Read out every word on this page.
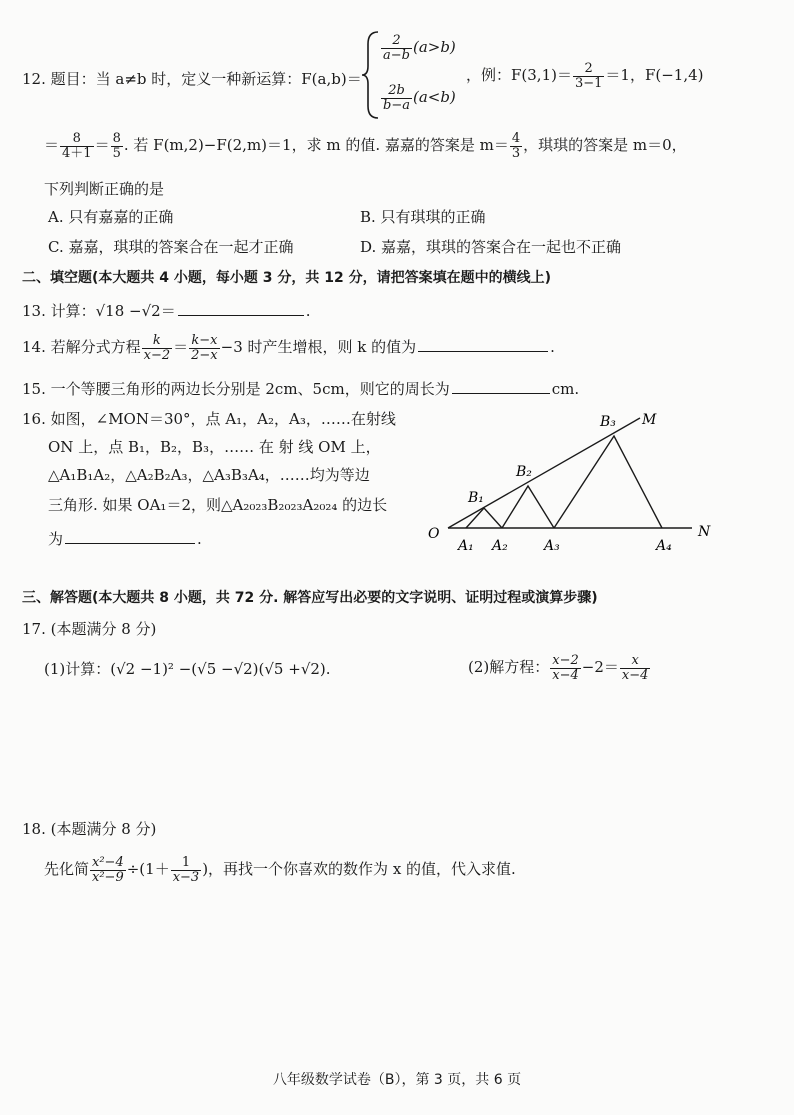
12. 题目：当 a≠b 时，定义一种新运算：F(a,b)＝
$\frac{2}{a-b} (a>b)$
$\frac{2b}{b-a} (a<b)$
，例：$F(3,1)= \frac{2}{3-1} =1$，F(−1,4)
＝ $\frac{8}{4+1} = \frac{8}{5}$ . 若 F(m,2)−F(2,m)＝1，求 m 的值. 嘉嘉的答案是 $m= \frac{4}{3}$ ，琪琪的答案是 m＝0，
下列判断正确的是
A. 只有嘉嘉的正确	B. 只有琪琪的正确
C. 嘉嘉，琪琪的答案合在一起才正确	D. 嘉嘉，琪琪的答案合在一起也不正确
二、填空题(本大题共 4 小题，每小题 3 分，共 12 分，请把答案填在题中的横线上)
13. 计算：√18 −√2＝	.
14. 若解分式方程 $\frac{k}{x-2} = \frac{k-x}{2-x} -3$ 时产生增根，则 k 的值为	.
15. 一个等腰三角形的两边长分别是 2cm、5cm，则它的周长为	cm.
16. 如图，∠MON＝30°，点 A₁，A₂，A₃，……在射线
ON 上，点 B₁，B₂，B₃，…… 在 射 线 OM 上，
△A₁B₁A₂，△A₂B₂A₃，△A₃B₃A₄，……均为等边
三角形. 如果 OA₁＝2，则△A₂₀₂₃B₂₀₂₃A₂₀₂₄ 的边长
为	.	O	N
M
A₁ A₂	A₃	A₄
B₁
B₂
B₃
三、解答题(本大题共 8 小题，共 72 分. 解答应写出必要的文字说明、证明过程或演算步骤)
17. (本题满分 8 分)
(1)计算：(√2 −1)² −(√5 −√2)(√5 +√2).	(2)解方程： $\frac{x-2}{x-4} -2= \frac{x}{x-4}$
18. (本题满分 8 分)
先化简 $\frac{\text{x²−4}}{\text{x²−9}} \div(1+ \frac{1}{x-3}$ )，再找一个你喜欢的数作为 x 的值，代入求值.
八年级数学试卷（B），第 3 页，共 6 页
